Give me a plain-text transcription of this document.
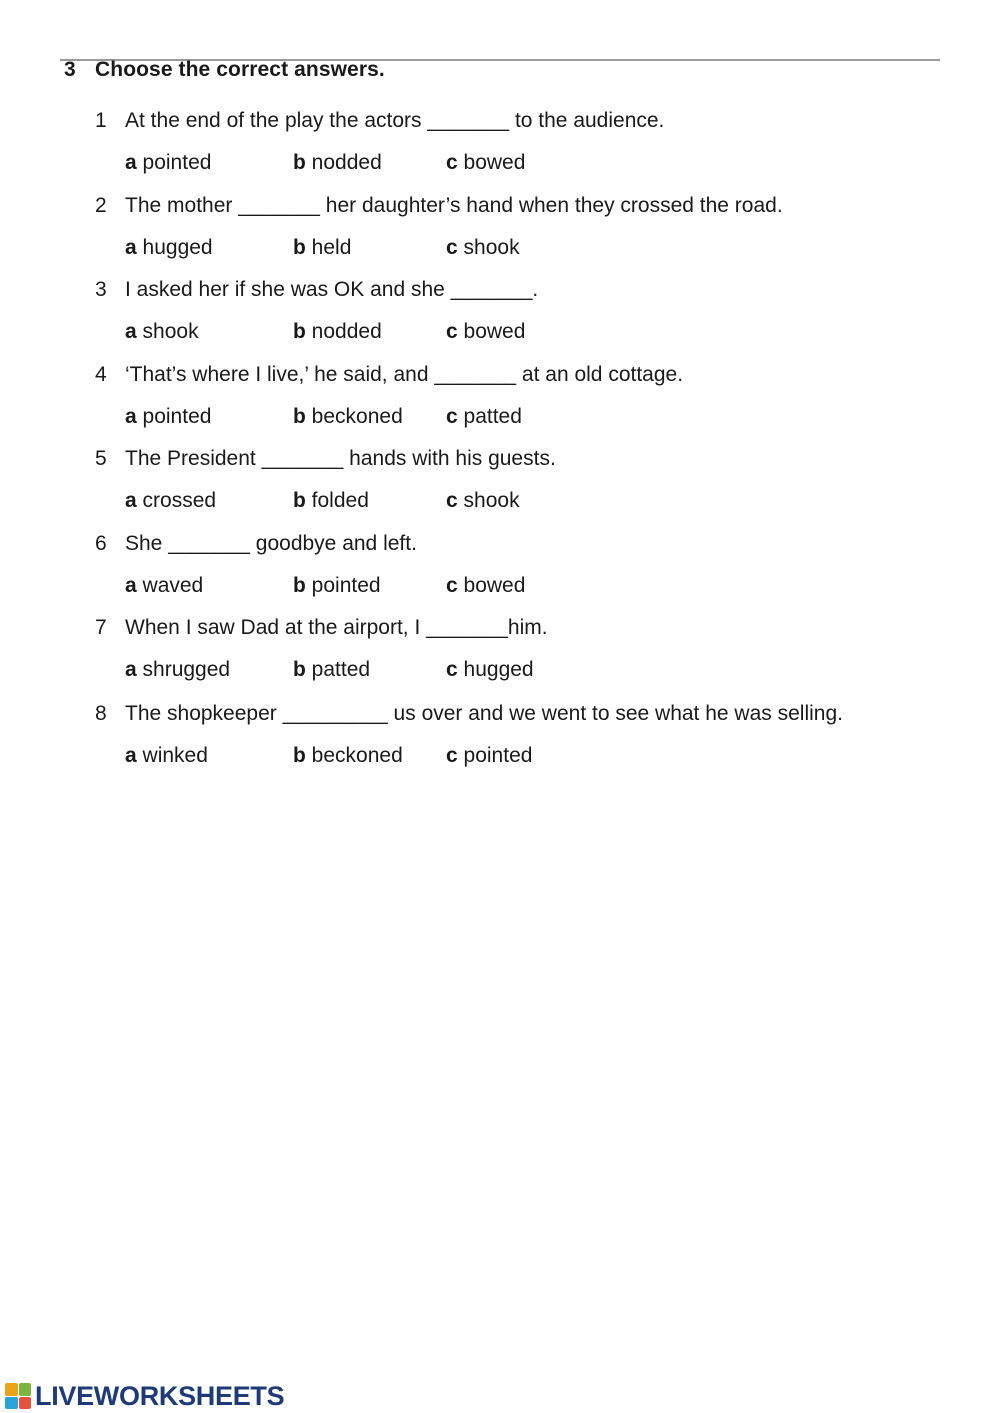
3 Choose the correct answers.
1 At the end of the play the actors _______ to the audience.
a pointed	b nodded	c bowed
2 The mother _______ her daughter’s hand when they crossed the road.
a hugged	b held	c shook
3 I asked her if she was OK and she _______.
a shook	b nodded	c bowed
4 ‘That’s where I live,’ he said, and _______ at an old cottage.
a pointed	b beckoned c patted
5 The President _______ hands with his guests.
a crossed	b folded	c shook
6 She _______ goodbye and left.
a waved	b pointed	c bowed
7 When I saw Dad at the airport, I _______him.
a shrugged	b patted	c hugged
8 The shopkeeper _________ us over and we went to see what he was selling.
a winked	b beckoned c pointed
LIVEWORKSHEETS
